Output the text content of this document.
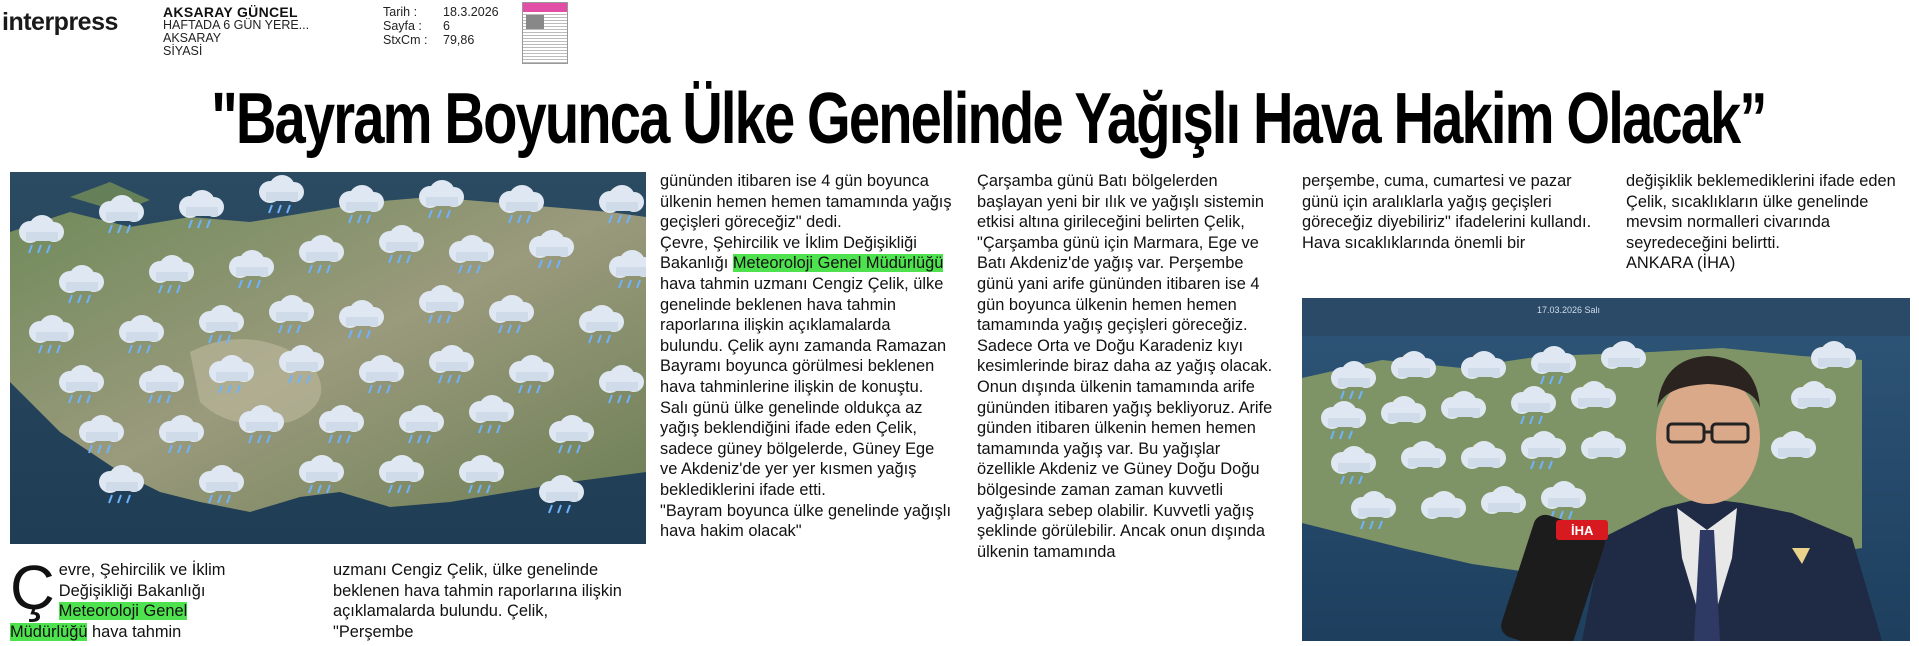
interpress	AKSARAY GÜNCEL
HAFTADA 6 GÜN YERE...
AKSARAY
SİYASİ
Tarih :	18.3.2026
Sayfa :	6
StxCm :	79,86
"Bayram Boyunca Ülke Genelinde Yağışlı Hava Hakim Olacak”
17.03.2026 Salı
İHA

Çevre, Şehircilik ve İklim Değişikliği Bakanlığı Meteoroloji Genel Müdürlüğü hava tahmin

uzmanı Cengiz Çelik, ülke genelinde beklenen hava tahmin raporlarına ilişkin açıklamalarda bulundu. Çelik, "Perşembe

gününden itibaren ise 4 gün boyunca ülkenin hemen hemen tamamında yağış geçişleri göreceğiz" dedi.

Çevre, Şehircilik ve İklim Değişikliği Bakanlığı Meteoroloji Genel Müdürlüğü hava tahmin uzmanı Cengiz Çelik, ülke genelinde beklenen hava tahmin raporlarına ilişkin açıklamalarda bulundu. Çelik aynı zamanda Ramazan Bayramı boyunca görülmesi beklenen hava tahminlerine ilişkin de konuştu.

Salı günü ülke genelinde oldukça az yağış beklendiğini ifade eden Çelik, sadece güney bölgelerde, Güney Ege ve Akdeniz'de yer yer kısmen yağış beklediklerini ifade etti.

"Bayram boyunca ülke genelinde yağışlı hava hakim olacak"

Çarşamba günü Batı bölgelerden başlayan yeni bir ılık ve yağışlı sistemin etkisi altına girileceğini belirten Çelik, "Çarşamba günü için Marmara, Ege ve Batı Akdeniz'de yağış var. Perşembe günü yani arife gününden itibaren ise 4 gün boyunca ülkenin hemen hemen tamamında yağış geçişleri göreceğiz. Sadece Orta ve Doğu Karadeniz kıyı kesimlerinde biraz daha az yağış olacak. Onun dışında ülkenin tamamında arife gününden itibaren yağış bekliyoruz. Arife günden itibaren ülkenin hemen hemen tamamında yağış var. Bu yağışlar özellikle Akdeniz ve Güney Doğu Doğu bölgesinde zaman zaman kuvvetli yağışlara sebep olabilir. Kuvvetli yağış şeklinde görülebilir. Ancak onun dışında ülkenin tamamında

perşembe, cuma, cumartesi ve pazar günü için aralıklarla yağış geçişleri göreceğiz diyebiliriz" ifadelerini kullandı.

Hava sıcaklıklarında önemli bir

değişiklik beklemediklerini ifade eden Çelik, sıcaklıkların ülke genelinde mevsim normalleri civarında seyredeceğini belirtti.

ANKARA (İHA)
